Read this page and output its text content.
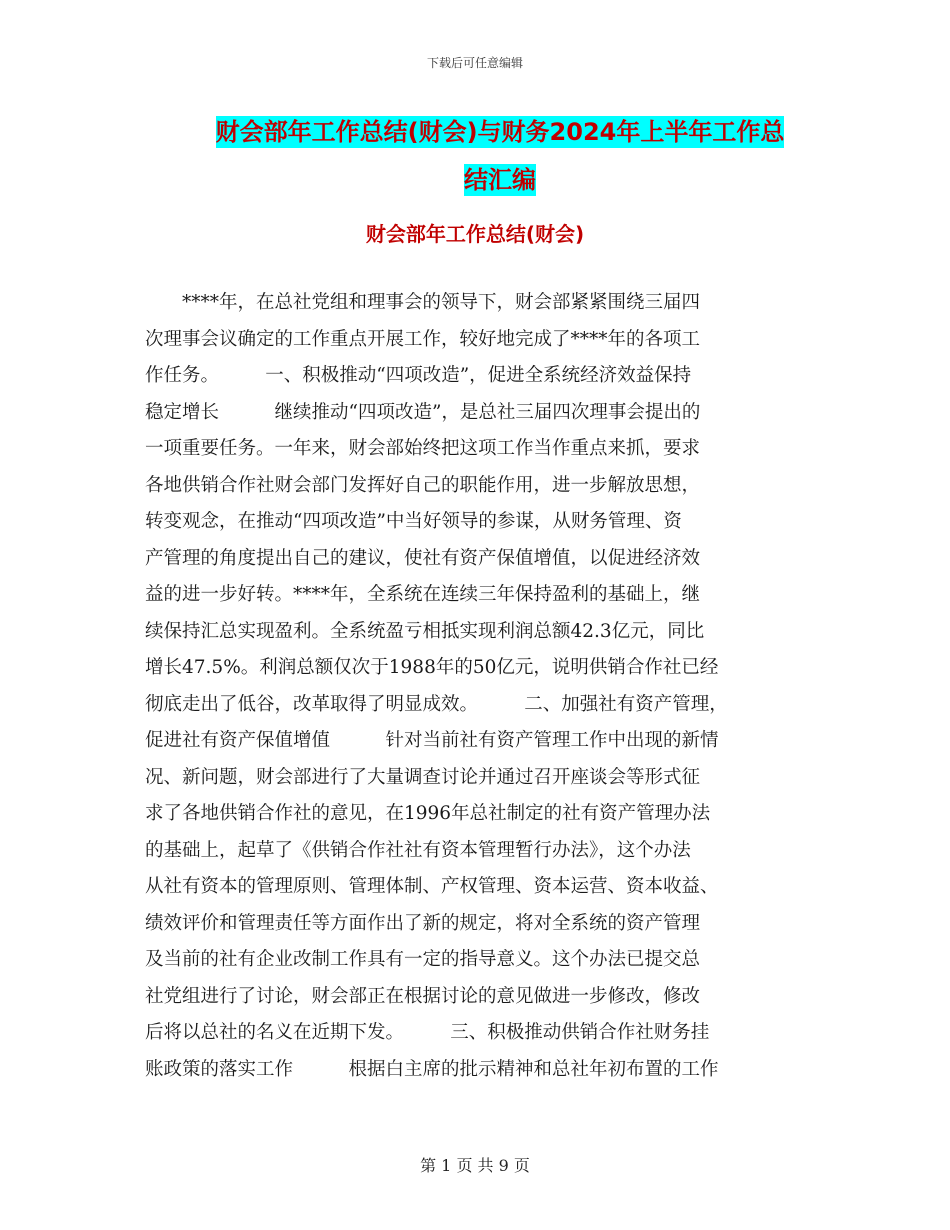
下载后可任意编辑
财会部年工作总结(财会)与财务2024年上半年工作总
结汇编
财会部年工作总结(财会)
　　****年，在总社党组和理事会的领导下，财会部紧紧围绕三届四
次理事会议确定的工作重点开展工作，较好地完成了****年的各项工
作任务。　　　一、积极推动“四项改造”，促进全系统经济效益保持
稳定增长　　　继续推动“四项改造”，是总社三届四次理事会提出的
一项重要任务。一年来，财会部始终把这项工作当作重点来抓，要求
各地供销合作社财会部门发挥好自己的职能作用，进一步解放思想，
转变观念，在推动“四项改造”中当好领导的参谋，从财务管理、资
产管理的角度提出自己的建议，使社有资产保值增值，以促进经济效
益的进一步好转。****年，全系统在连续三年保持盈利的基础上，继
续保持汇总实现盈利。全系统盈亏相抵实现利润总额42.3亿元，同比
增长47.5%。利润总额仅次于1988年的50亿元，说明供销合作社已经
彻底走出了低谷，改革取得了明显成效。　　　二、加强社有资产管理，
促进社有资产保值增值　　　针对当前社有资产管理工作中出现的新情
况、新问题，财会部进行了大量调查讨论并通过召开座谈会等形式征
求了各地供销合作社的意见，在1996年总社制定的社有资产管理办法
的基础上，起草了《供销合作社社有资本管理暂行办法》，这个办法
从社有资本的管理原则、管理体制、产权管理、资本运营、资本收益、
绩效评价和管理责任等方面作出了新的规定，将对全系统的资产管理
及当前的社有企业改制工作具有一定的指导意义。这个办法已提交总
社党组进行了讨论，财会部正在根据讨论的意见做进一步修改，修改
后将以总社的名义在近期下发。　　　三、积极推动供销合作社财务挂
账政策的落实工作　　　根据白主席的批示精神和总社年初布置的工作
第 1 页 共 9 页
